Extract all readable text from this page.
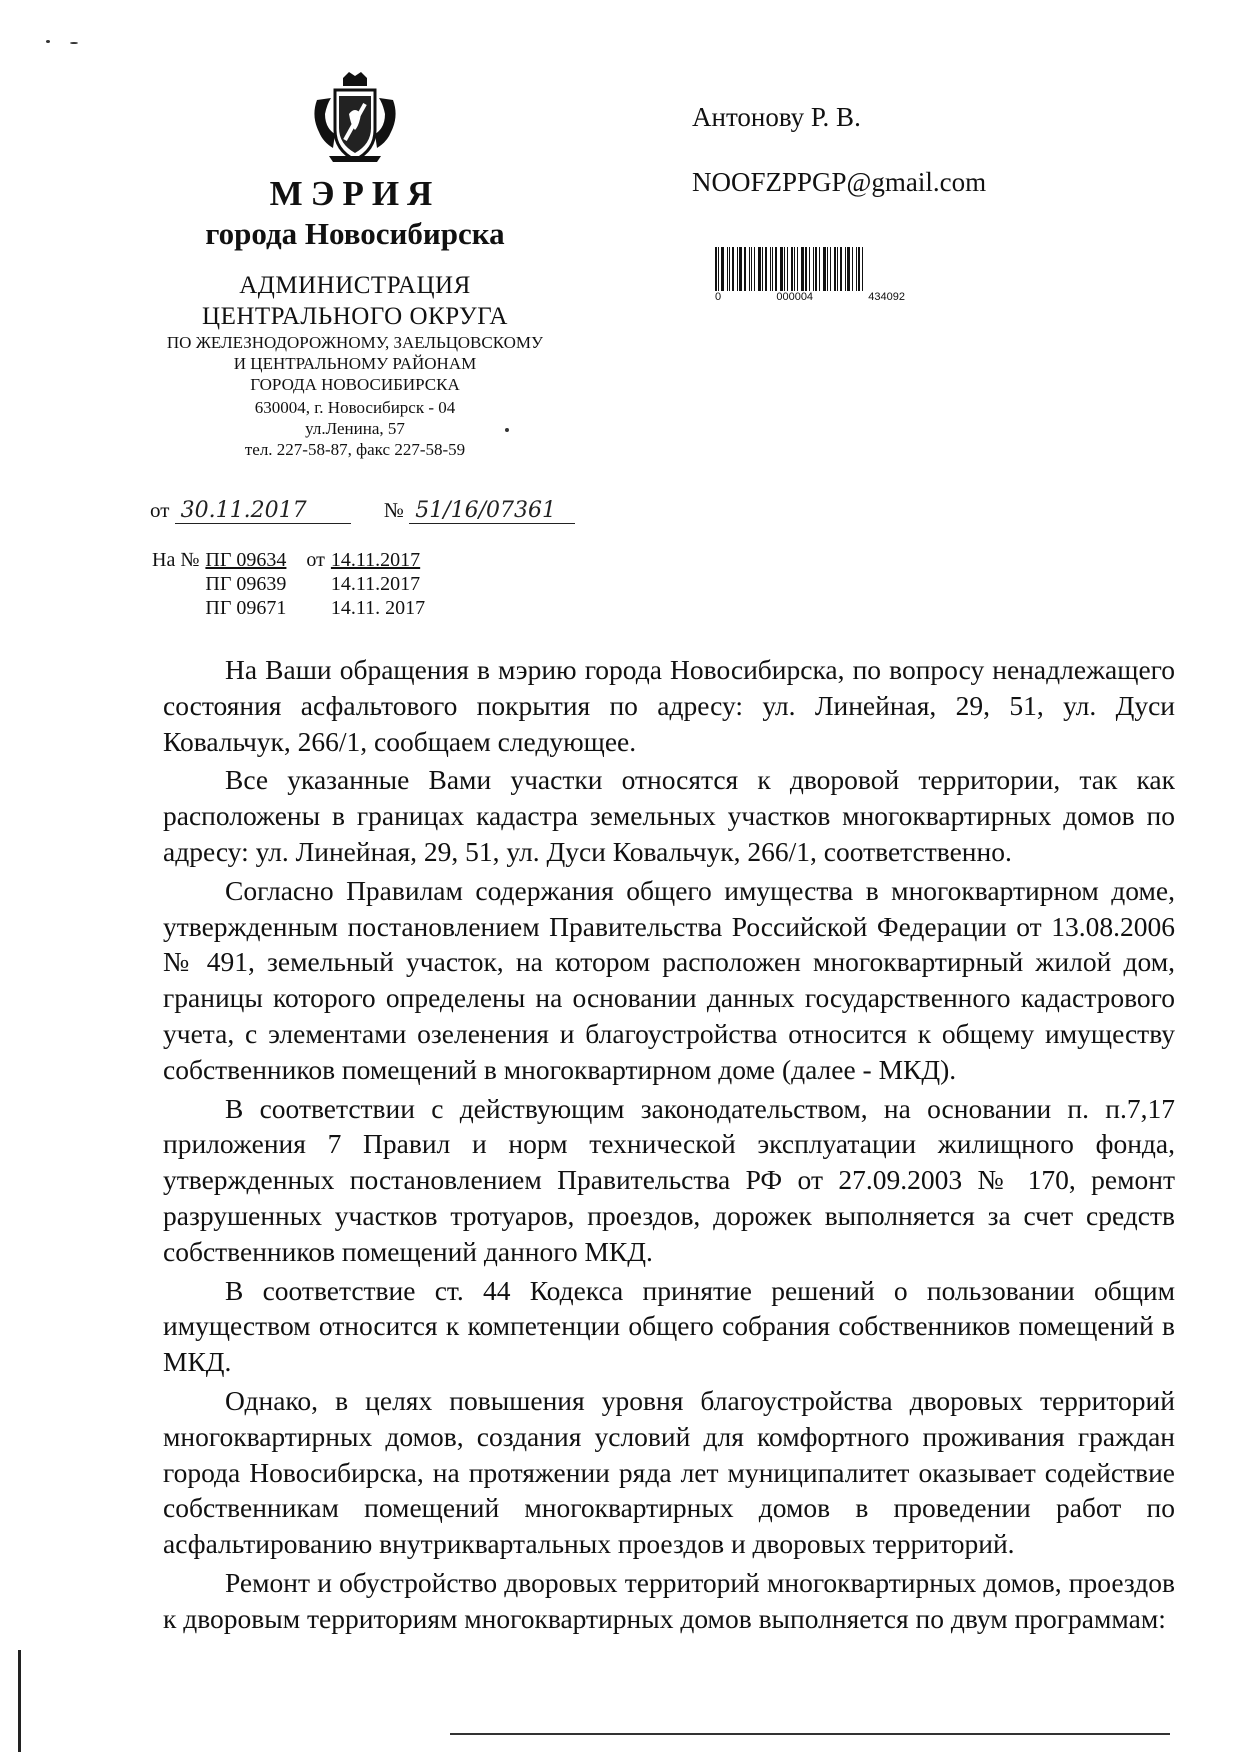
МЭРИЯ
города Новосибирска
АДМИНИСТРАЦИЯ
ЦЕНТРАЛЬНОГО ОКРУГА
ПО ЖЕЛЕЗНОДОРОЖНОМУ, ЗАЕЛЬЦОВСКОМУ
И ЦЕНТРАЛЬНОМУ РАЙОНАМ
ГОРОДА НОВОСИБИРСКА
630004, г. Новосибирск - 04
ул.Ленина, 57
тел. 227-58-87, факс 227-58-59
Антонову Р. В.
NOOFZPPGP@gmail.com
0	000004	434092
от 30.11.2017	№ 51/16/07361
На №	ПГ 09634	от	14.11.2017
	ПГ 09639		14.11.2017
	ПГ 09671		14.11. 2017

На Ваши обращения в мэрию города Новосибирска, по вопросу ненадлежащего состояния асфальтового покрытия по адресу: ул. Линейная, 29, 51, ул. Дуси Ковальчук, 266/1, сообщаем следующее.

Все указанные Вами участки относятся к дворовой территории, так как расположены в границах кадастра земельных участков многоквартирных домов по адресу: ул. Линейная, 29, 51, ул. Дуси Ковальчук, 266/1, соответственно.

Согласно Правилам содержания общего имущества в многоквартирном доме, утвержденным постановлением Правительства Российской Федерации от 13.08.2006 № 491, земельный участок, на котором расположен многоквартирный жилой дом, границы которого определены на основании данных государственного кадастрового учета, с элементами озеленения и благоустройства относится к общему имуществу собственников помещений в многоквартирном доме (далее - МКД).

В соответствии с действующим законодательством, на основании п. п.7,17 приложения 7 Правил и норм технической эксплуатации жилищного фонда, утвержденных постановлением Правительства РФ от 27.09.2003 № 170, ремонт разрушенных участков тротуаров, проездов, дорожек выполняется за счет средств собственников помещений данного МКД.

В соответствие ст. 44 Кодекса принятие решений о пользовании общим имуществом относится к компетенции общего собрания собственников помещений в МКД.

Однако, в целях повышения уровня благоустройства дворовых территорий многоквартирных домов, создания условий для комфортного проживания граждан города Новосибирска, на протяжении ряда лет муниципалитет оказывает содействие собственникам помещений многоквартирных домов в проведении работ по асфальтированию внутриквартальных проездов и дворовых территорий.

Ремонт и обустройство дворовых территорий многоквартирных домов, проездов к дворовым территориям многоквартирных домов выполняется по двум программам:
